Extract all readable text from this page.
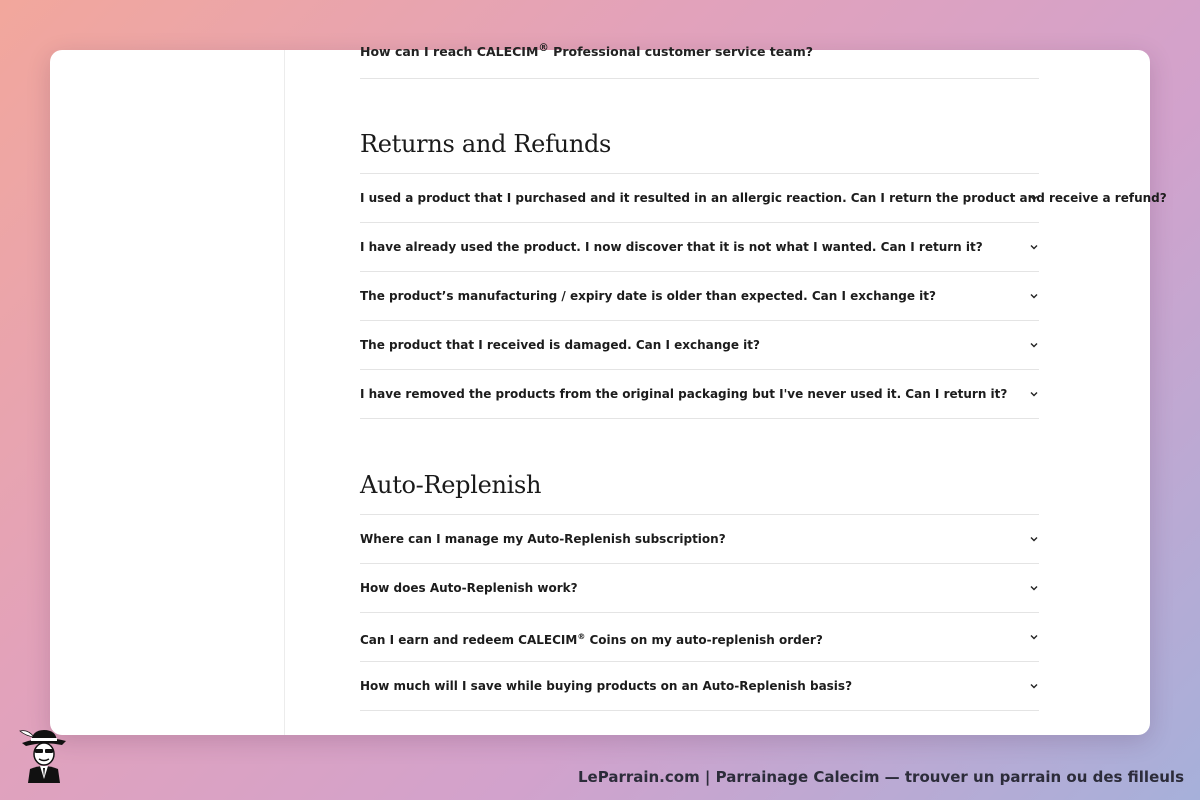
How can I reach CALECIM® Professional customer service team?
Returns and Refunds
I used a product that I purchased and it resulted in an allergic reaction. Can I return the product and receive a refund?
I have already used the product. I now discover that it is not what I wanted. Can I return it?
The product’s manufacturing / expiry date is older than expected. Can I exchange it?
The product that I received is damaged. Can I exchange it?
I have removed the products from the original packaging but I've never used it. Can I return it?
Auto-Replenish
Where can I manage my Auto-Replenish subscription?
How does Auto-Replenish work?
Can I earn and redeem CALECIM® Coins on my auto-replenish order?
How much will I save while buying products on an Auto-Replenish basis?
LeParrain.com | Parrainage Calecim — trouver un parrain ou des filleuls
